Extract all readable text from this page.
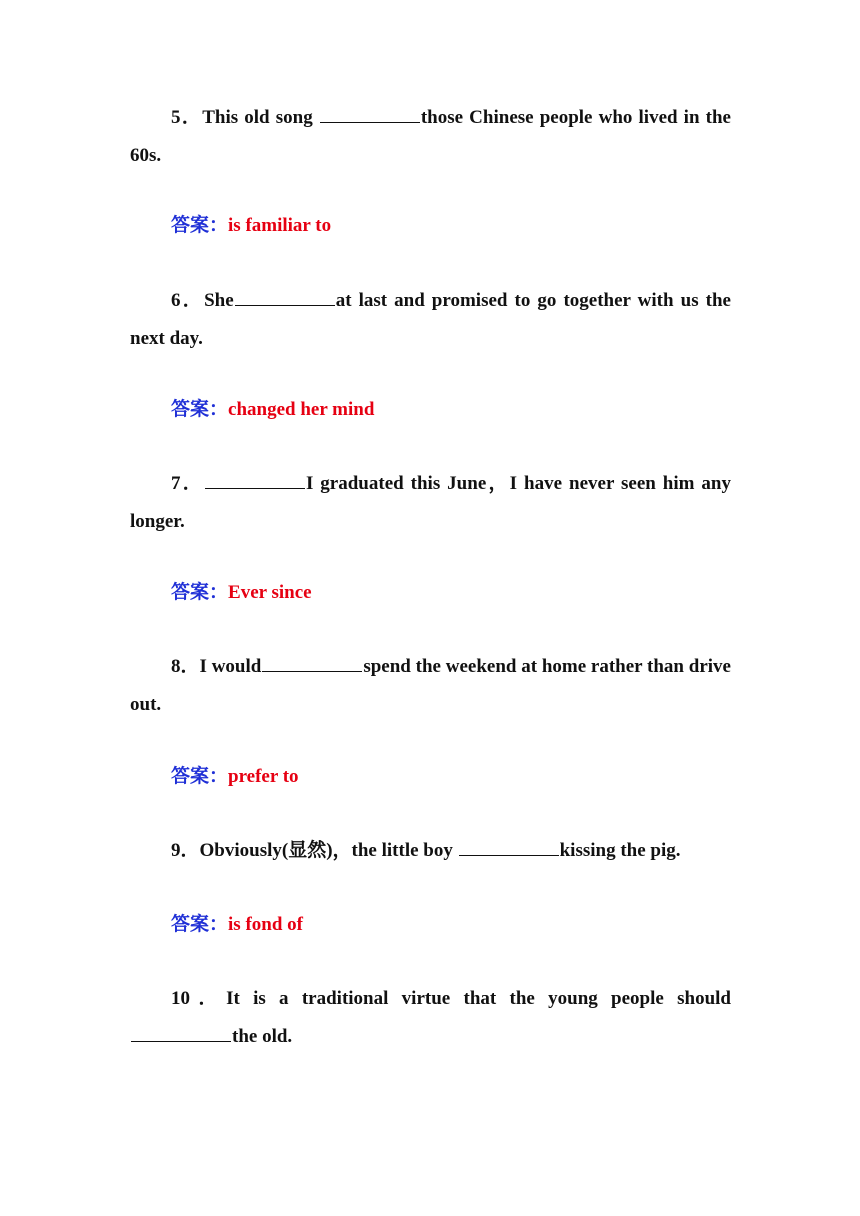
5．This old song	those Chinese people who lived in the 60s.

答案：is familiar to

6．She	at last and promised to go together with us the next day.

答案：changed her mind

7．	I graduated this June，I have never seen him any longer.

答案：Ever since

8．I would	spend the weekend at home rather than drive out.

答案：prefer to

9．Obviously(显然)，the little boy	kissing the pig.

答案：is fond of

10．It is a traditional virtue that the young people should the old.
